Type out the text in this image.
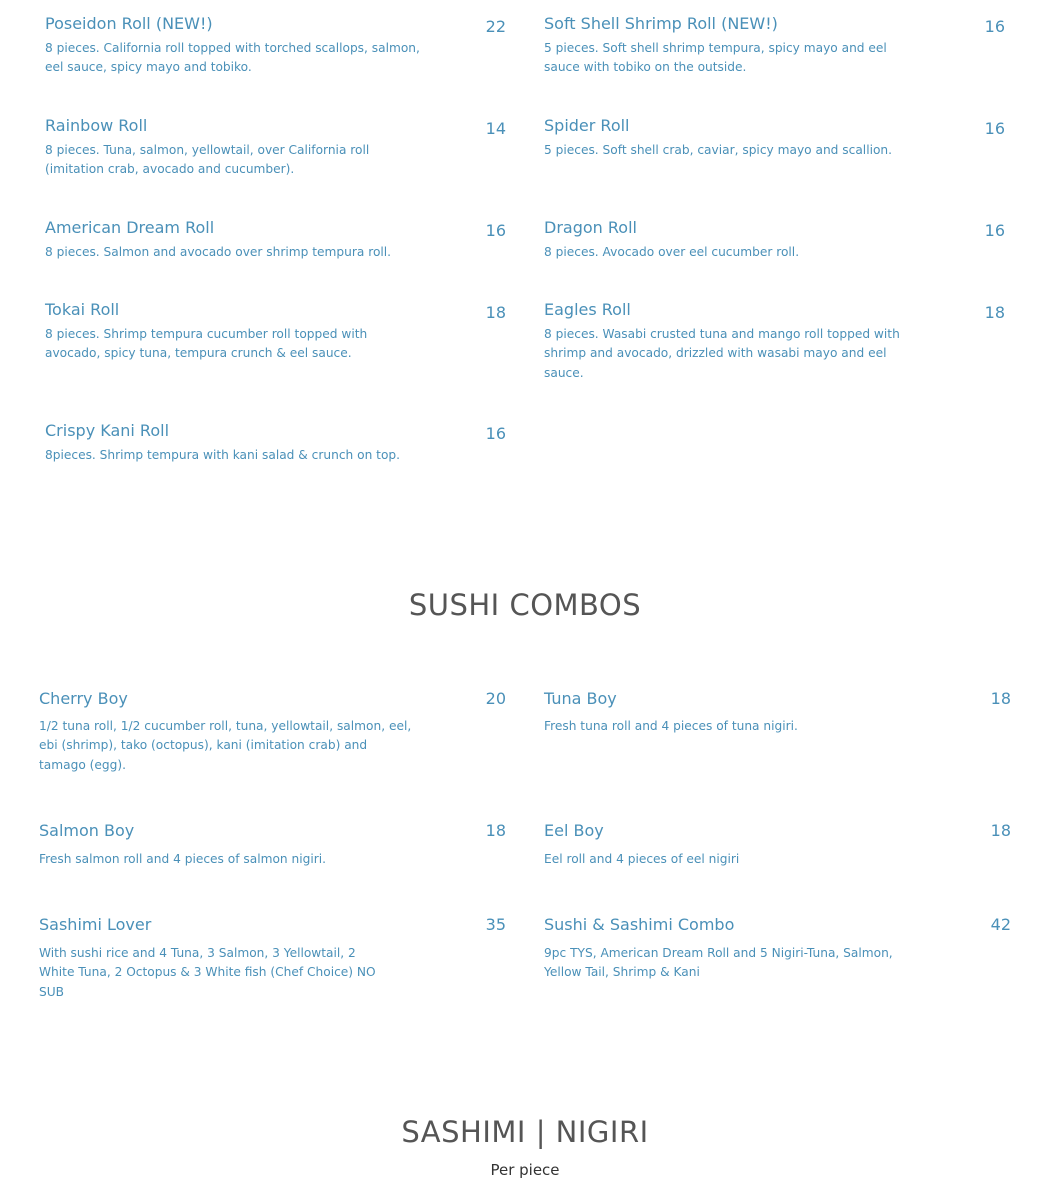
Poseidon Roll (NEW!)
8 pieces. California roll topped with torched scallops, salmon, eel sauce, spicy mayo and tobiko.
22 Soft Shell Shrimp Roll (NEW!)
5 pieces. Soft shell shrimp tempura, spicy mayo and eel sauce with tobiko on the outside.
16
Rainbow Roll
8 pieces. Tuna, salmon, yellowtail, over California roll (imitation crab, avocado and cucumber).
14 Spider Roll
5 pieces. Soft shell crab, caviar, spicy mayo and scallion.
16
American Dream Roll
8 pieces. Salmon and avocado over shrimp tempura roll.
16 Dragon Roll
8 pieces. Avocado over eel cucumber roll.
16
Tokai Roll
8 pieces. Shrimp tempura cucumber roll topped with avocado, spicy tuna, tempura crunch & eel sauce.
18 Eagles Roll
8 pieces. Wasabi crusted tuna and mango roll topped with shrimp and avocado, drizzled with wasabi mayo and eel sauce.
18
Crispy Kani Roll
8pieces. Shrimp tempura with kani salad & crunch on top.
16
SUSHI COMBOS
Cherry Boy
1/2 tuna roll, 1/2 cucumber roll, tuna, yellowtail, salmon, eel, ebi (shrimp), tako (octopus), kani (imitation crab) and tamago (egg).
20 Tuna Boy
Fresh tuna roll and 4 pieces of tuna nigiri.
18
Salmon Boy
Fresh salmon roll and 4 pieces of salmon nigiri.
18 Eel Boy
Eel roll and 4 pieces of eel nigiri
18
Sashimi Lover
With sushi rice and 4 Tuna, 3 Salmon, 3 Yellowtail, 2 White Tuna, 2 Octopus & 3 White fish (Chef Choice) NO SUB
35 Sushi & Sashimi Combo
9pc TYS, American Dream Roll and 5 Nigiri-Tuna, Salmon, Yellow Tail, Shrimp & Kani
42
SASHIMI | NIGIRI
Per piece
